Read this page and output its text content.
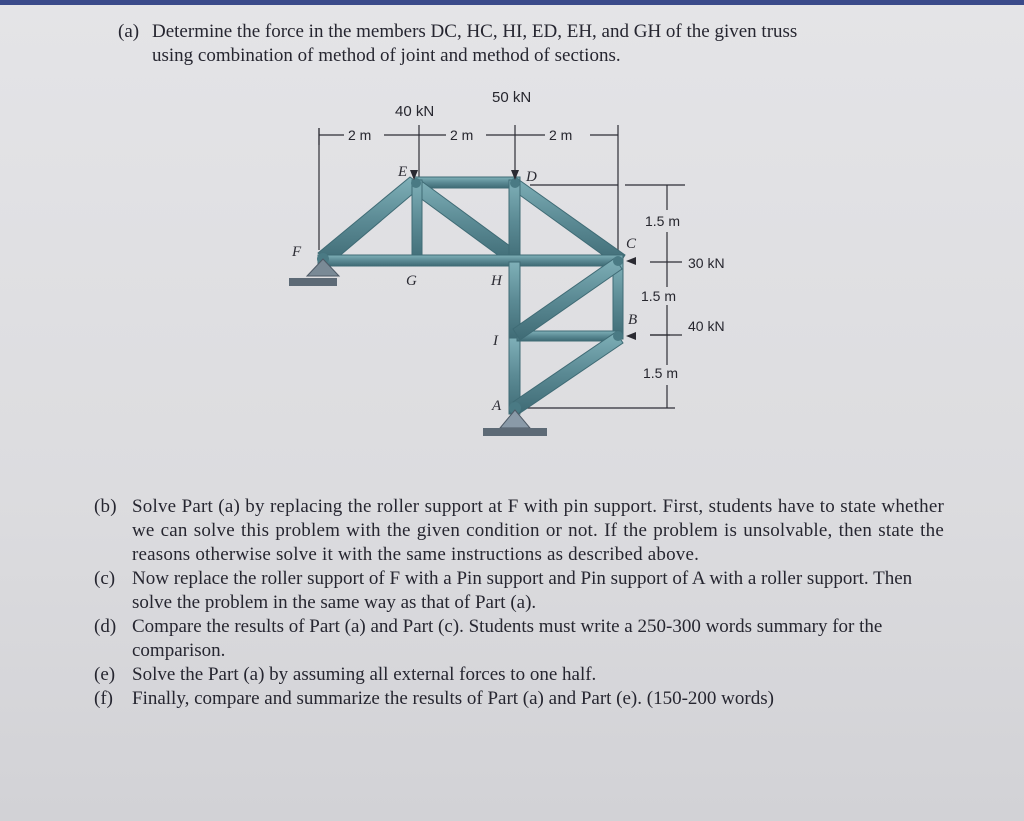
(a) Determine the force in the members DC, HC, HI, ED, EH, and GH of the given truss
using combination of method of joint and method of sections.
40 kN
50 kN
30 kN
40 kN
2 m	2 m	2 m
1.5 m
1.5 m
1.5 m
F
E	D
C
B
G	H
I
A

(b) Solve Part (a) by replacing the roller support at F with pin support. First, students have to state whether we can solve this problem with the given condition or not. If the problem is unsolvable, then state the reasons otherwise solve it with the same instructions as described above.

(c) Now replace the roller support of F with a Pin support and Pin support of A with a roller support. Then solve the problem in the same way as that of Part (a).

(d) Compare the results of Part (a) and Part (c). Students must write a 250-300 words summary for the comparison.

(e) Solve the Part (a) by assuming all external forces to one half.

(f) Finally, compare and summarize the results of Part (a) and Part (e). (150-200 words)
